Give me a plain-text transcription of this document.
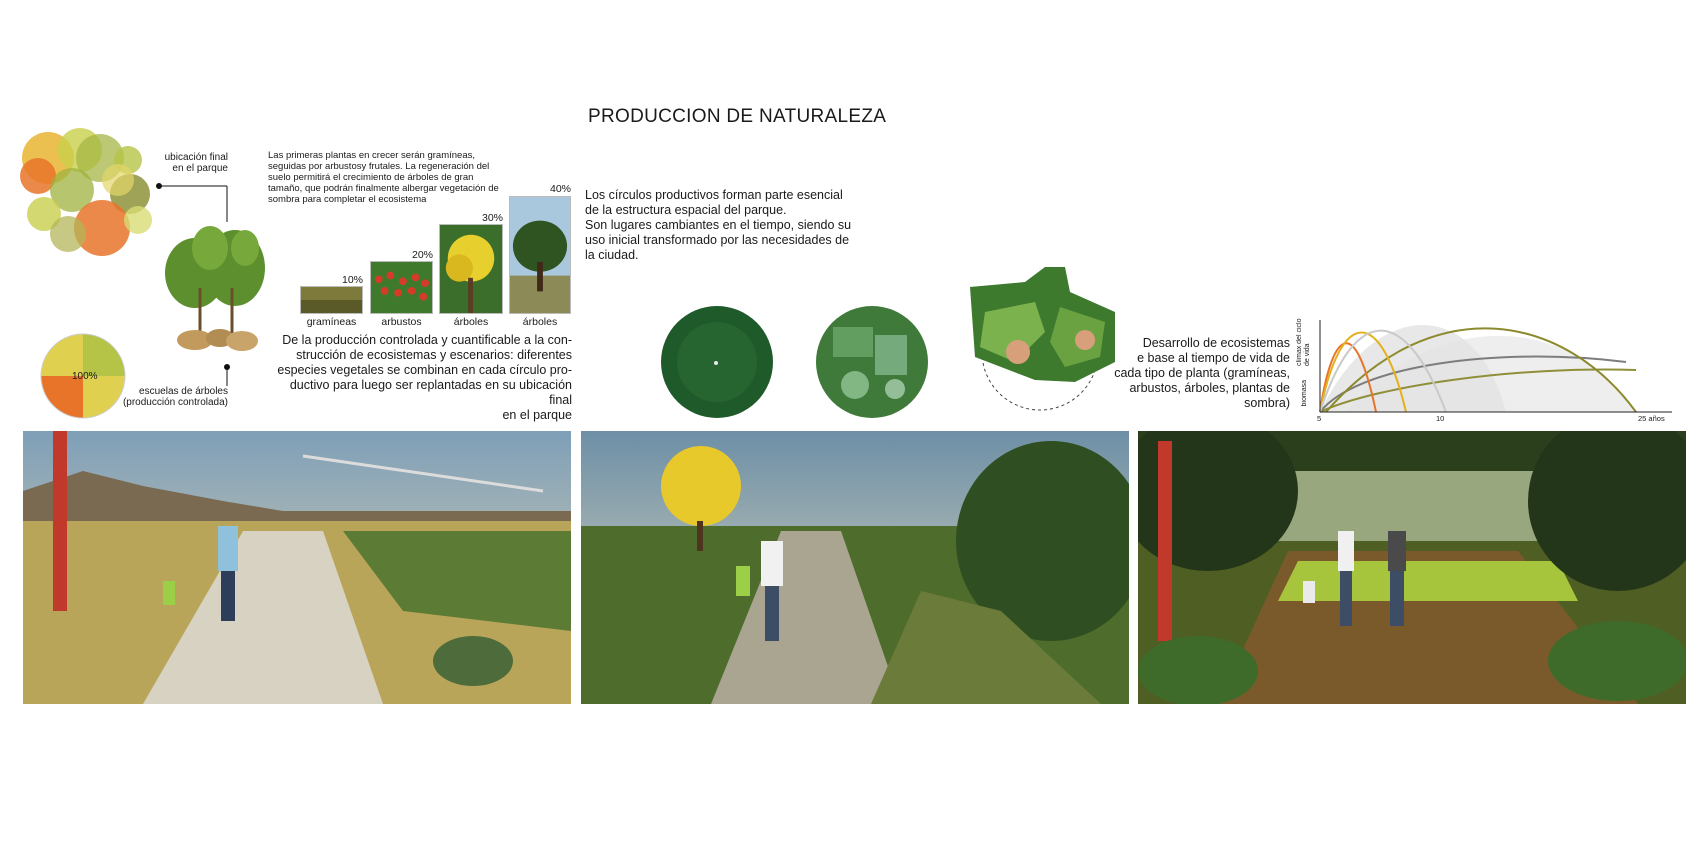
PRODUCCION DE NATURALEZA
ubicación final
en el parque
100%
escuelas de árboles
(producción controlada)
Las primeras plantas en crecer serán gramíneas,
seguidas por arbustosy frutales. La regeneración del
suelo permitirá el crecimiento de árboles de gran
tamaño, que podrán finalmente albergar vegetación de
sombra para completar el ecosistema
10%
gramíneas
20%
arbustos
30%
árboles
40%
árboles
De la producción controlada y cuantificable a la con-
strucción de ecosistemas y escenarios: diferentes
especies vegetales se combinan en cada círculo pro-
ductivo para luego ser replantadas en su ubicación final
en el parque
Los círculos productivos forman parte esencial
de la estructura espacial del parque.
Son lugares cambiantes en el tiempo, siendo su
uso inicial transformado por las necesidades de
la ciudad.
Desarrollo de ecosistemas
e base al tiempo de vida de
cada tipo de planta (gramíneas,
arbustos, árboles, plantas de
sombra)
clímax del ciclo de vida
biomasa
5	10	25 años
